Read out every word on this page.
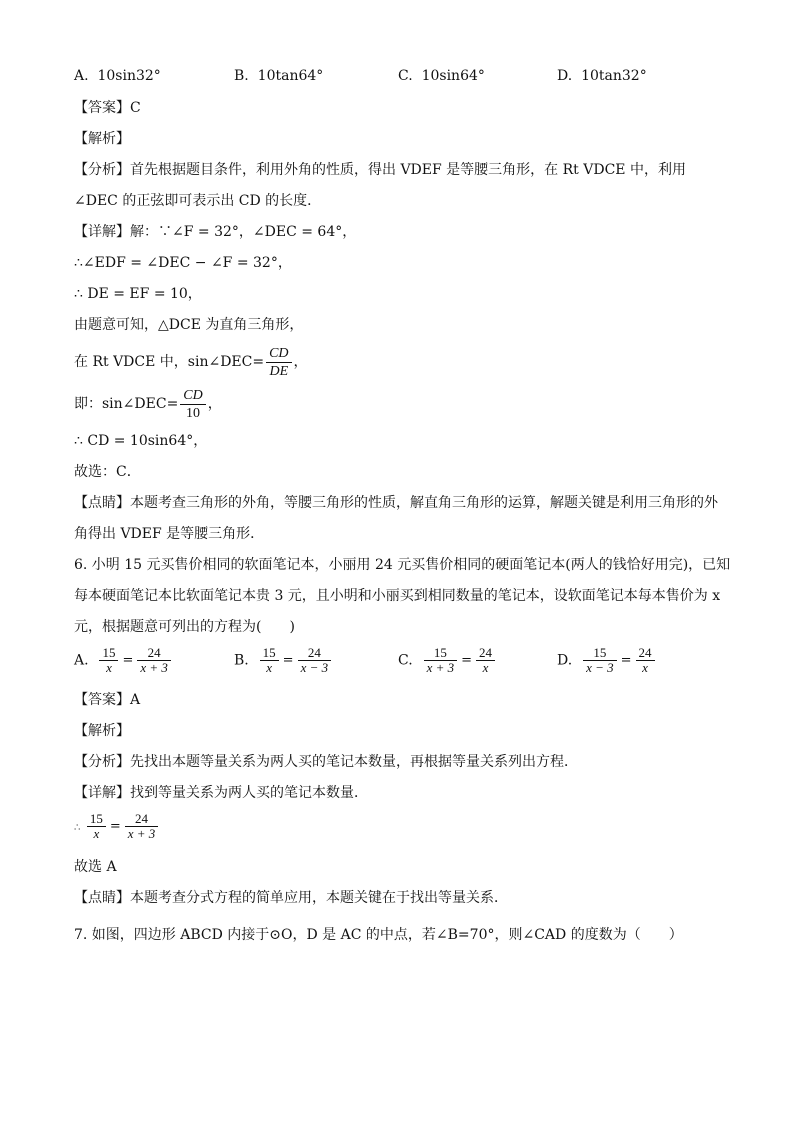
A. 10sin32°	B. 10tan64°	C. 10sin64°	D. 10tan32°
【答案】C
【解析】
【分析】首先根据题目条件，利用外角的性质，得出 VDEF 是等腰三角形，在 Rt VDCE 中，利用
∠DEC 的正弦即可表示出 CD 的长度．
【详解】解：∵∠F = 32°，∠DEC = 64°，
∴∠EDF = ∠DEC − ∠F = 32°，
∴ DE = EF = 10，
由题意可知，△DCE 为直角三角形，
在 Rt VDCE 中，sin∠DEC= $\frac{CD}{DE}$ ，
即：sin∠DEC= $\frac{CD}{10}$ ，
∴ CD = 10sin64°，
故选：C．
【点睛】本题考查三角形的外角，等腰三角形的性质，解直角三角形的运算，解题关键是利用三角形的外
角得出 VDEF 是等腰三角形．
6. 小明 15 元买售价相同的软面笔记本，小丽用 24 元买售价相同的硬面笔记本(两人的钱恰好用完)，已知
每本硬面笔记本比软面笔记本贵 3 元，且小明和小丽买到相同数量的笔记本，设软面笔记本每本售价为 x
元，根据题意可列出的方程为(　　)
A. $\frac{15}{x} = \frac{24}{x + 3}$	B. $\frac{15}{x} = \frac{24}{x - 3}$	C. $\frac{15}{x + 3} = \frac{24}{x}$	D. $\frac{15}{x - 3} = \frac{24}{x}$
【答案】A
【解析】
【分析】先找出本题等量关系为两人买的笔记本数量，再根据等量关系列出方程．
【详解】找到等量关系为两人买的笔记本数量．
∴ $\frac{15}{x} = \frac{24}{x + 3}$
故选 A
【点睛】本题考查分式方程的简单应用，本题关键在于找出等量关系．
7. 如图，四边形 ABCD 内接于⊙O，D 是 AC 的中点，若∠B=70°，则∠CAD 的度数为（　　）
